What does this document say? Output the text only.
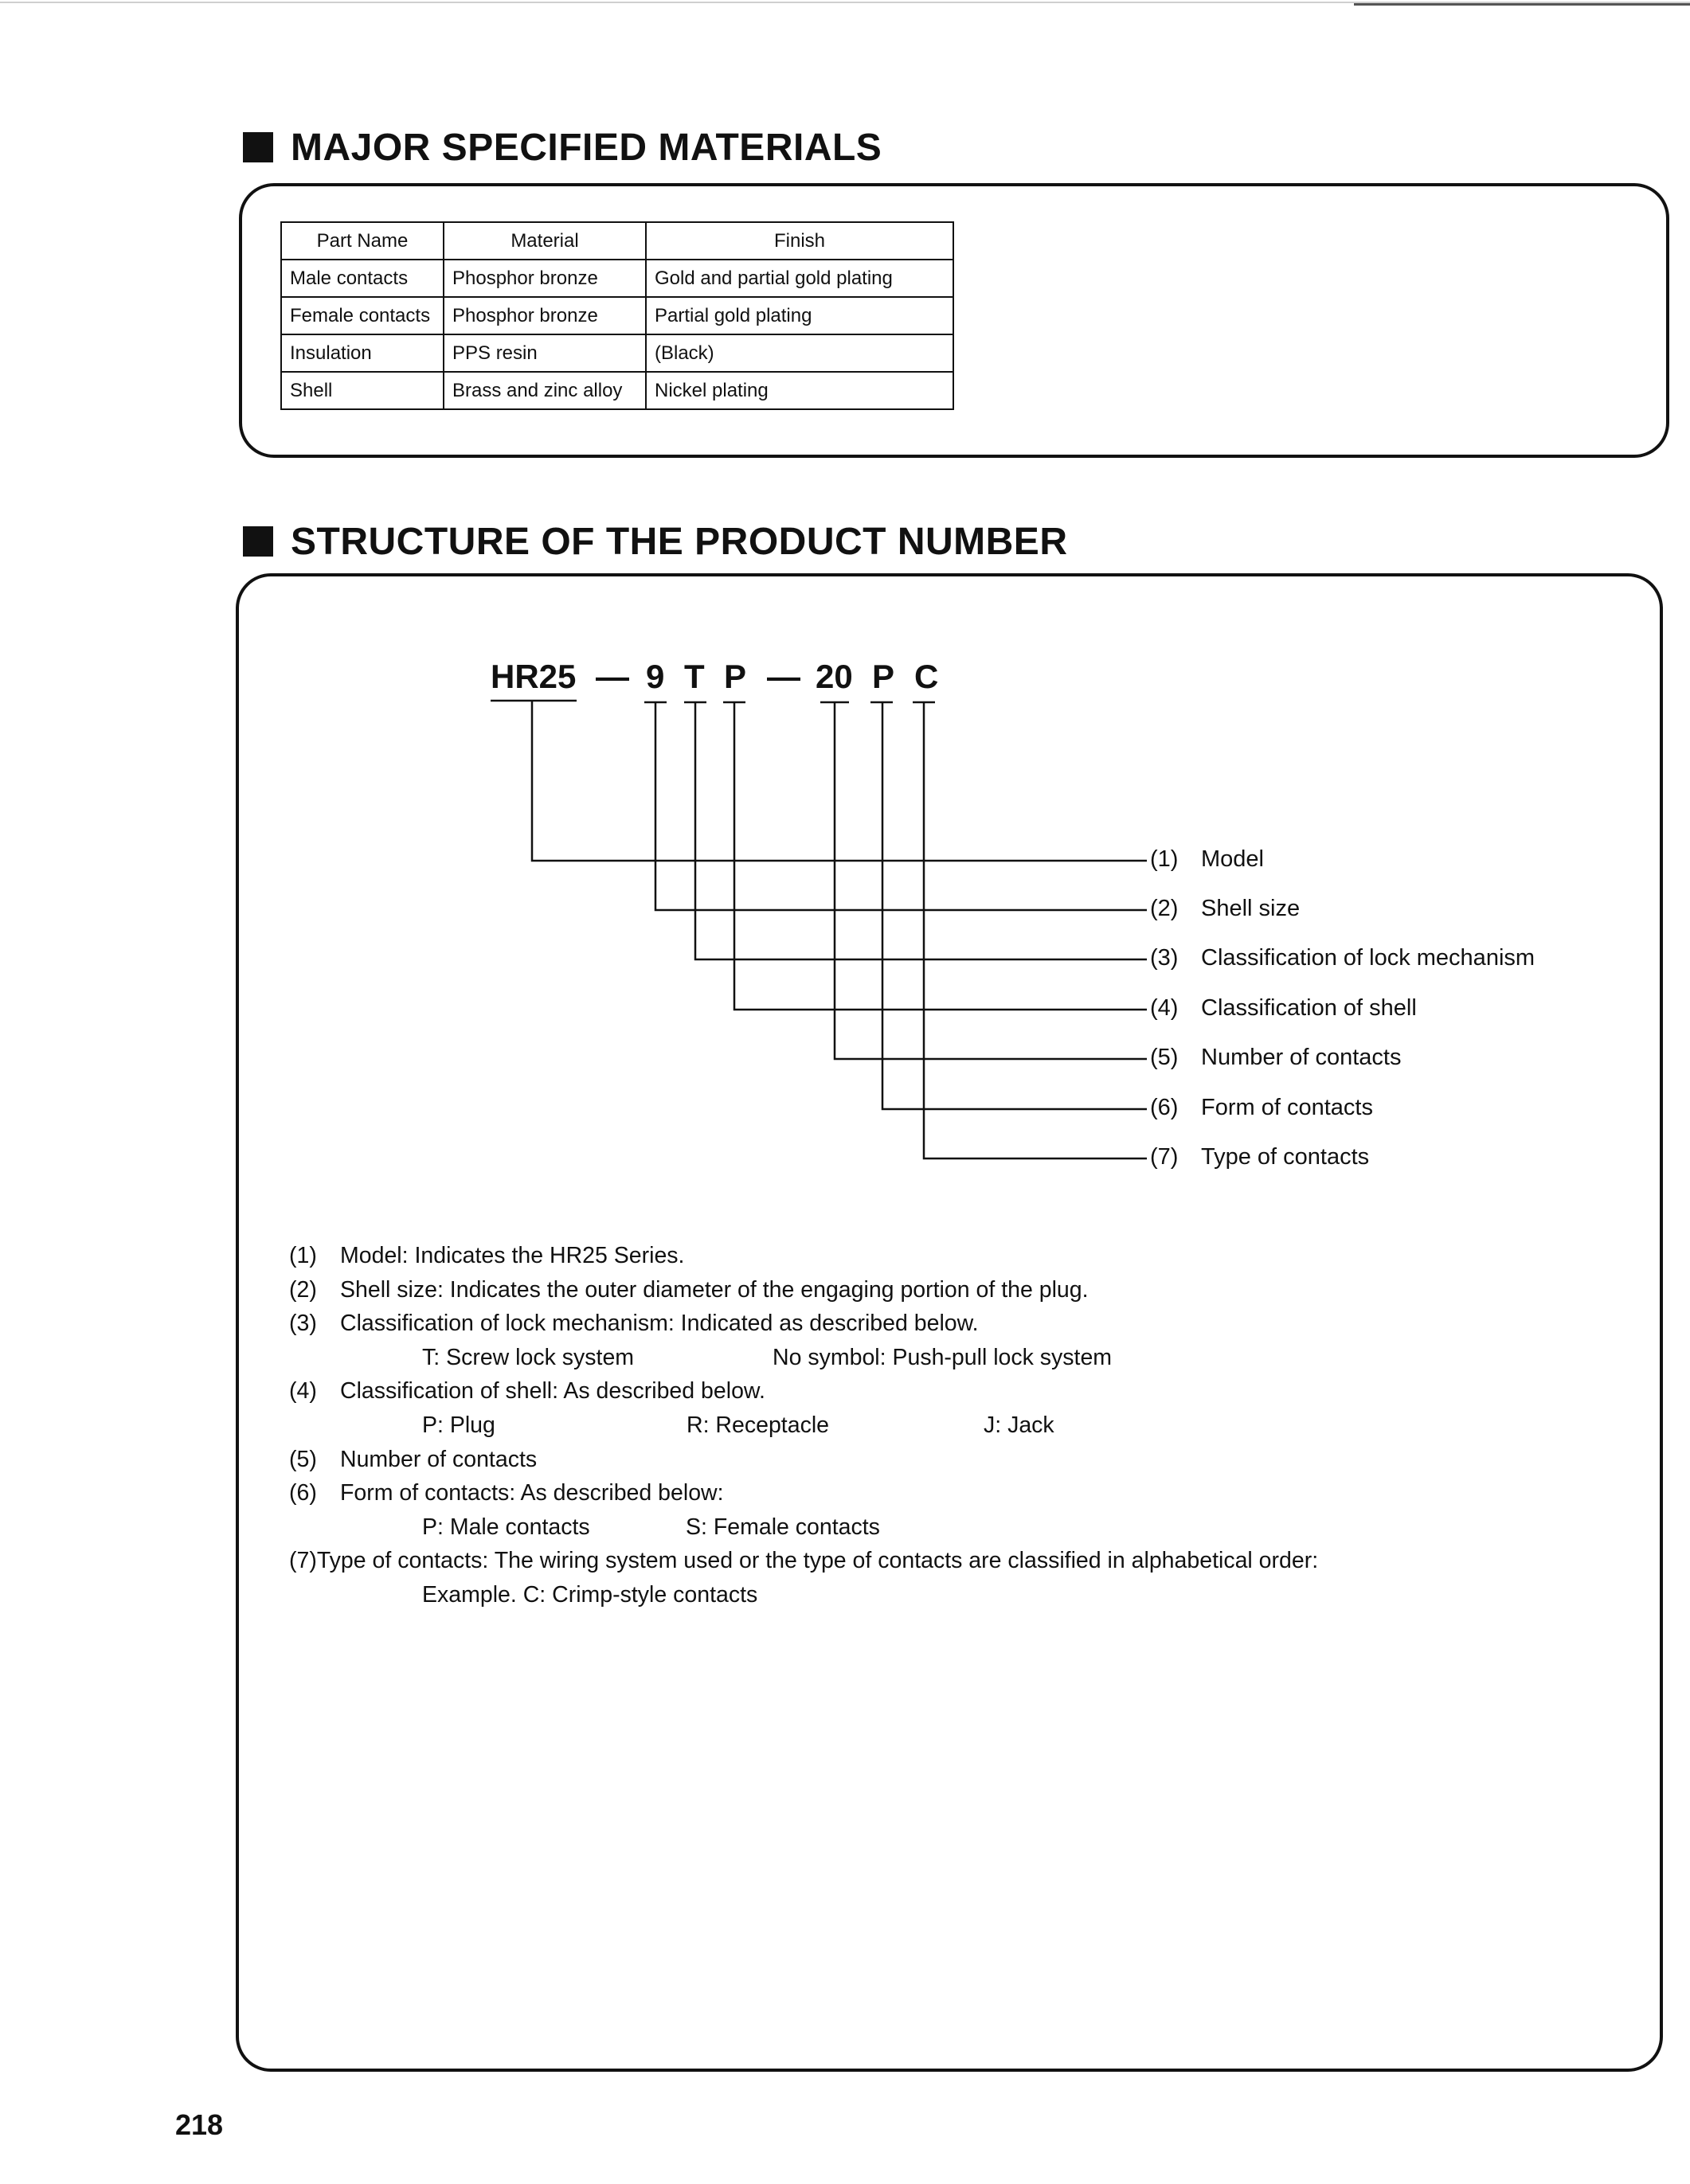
MAJOR SPECIFIED MATERIALS
Part Name	Material	Finish
Male contacts	Phosphor bronze	Gold and partial gold plating
Female contacts	Phosphor bronze	Partial gold plating
Insulation	PPS resin	(Black)
Shell	Brass and zinc alloy	Nickel plating
STRUCTURE OF THE PRODUCT NUMBER
HR25 — 9 T P — 20 P C
(1) Model
(2) Shell size
(3) Classification of lock mechanism
(4) Classification of shell
(5) Number of contacts
(6) Form of contacts
(7) Type of contacts
(1) Model: Indicates the HR25 Series.
(2) Shell size: Indicates the outer diameter of the engaging portion of the plug.
(3) Classification of lock mechanism: Indicated as described below.
T: Screw lock system	No symbol: Push-pull lock system
(4) Classification of shell: As described below.
P: Plug	R: Receptacle	J: Jack
(5) Number of contacts
(6) Form of contacts: As described below:
P: Male contacts	S: Female contacts
(7)Type of contacts: The wiring system used or the type of contacts are classified in alphabetical order:
Example. C: Crimp-style contacts
218
